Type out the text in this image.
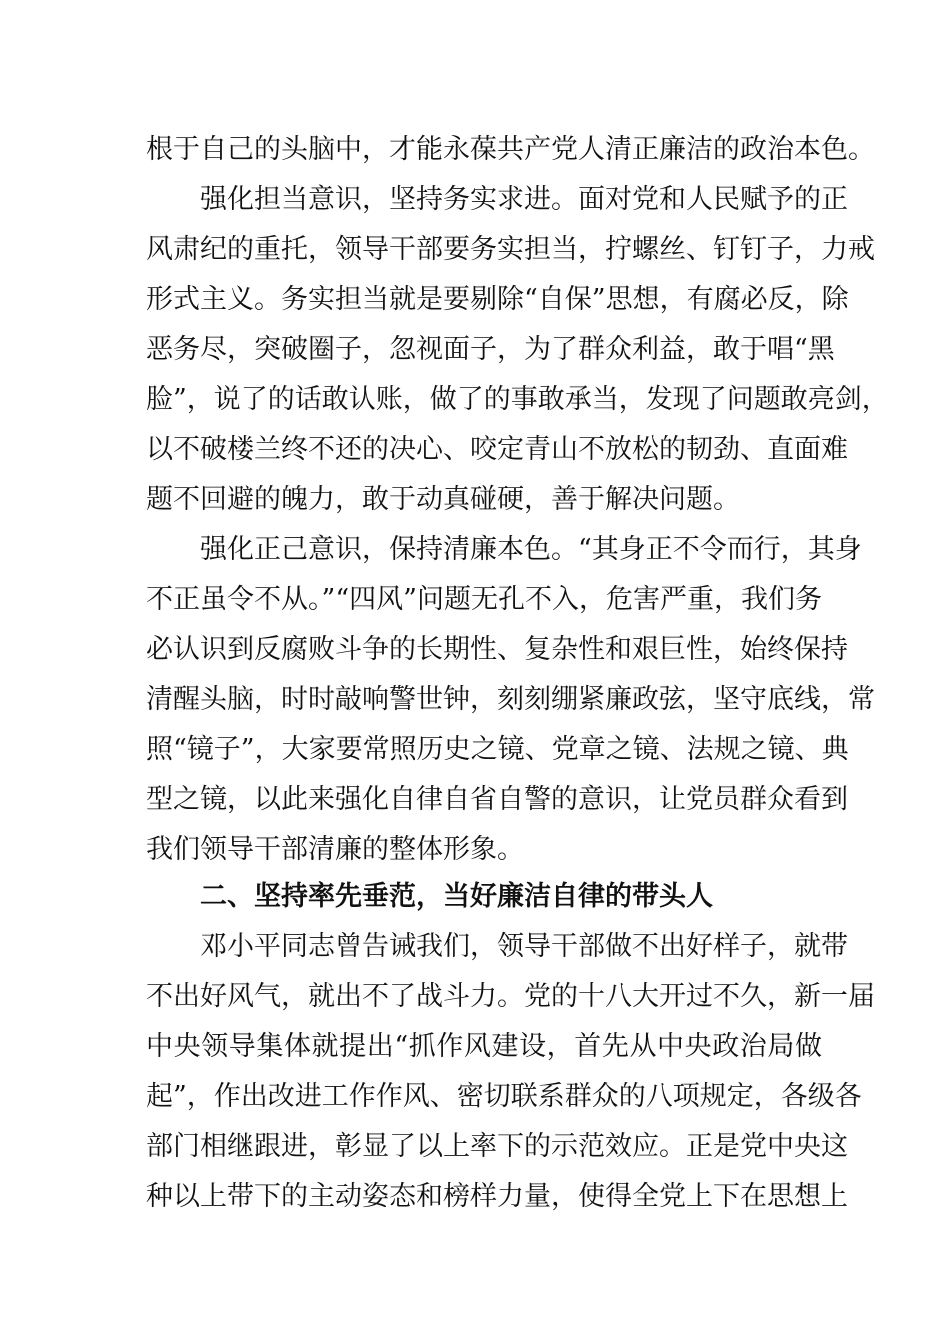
根于自己的头脑中，才能永葆共产党人清正廉洁的政治本色。
强化担当意识，坚持务实求进。面对党和人民赋予的正
风肃纪的重托，领导干部要务实担当，拧螺丝、钉钉子，力戒
形式主义。务实担当就是要剔除“自保”思想，有腐必反，除
恶务尽，突破圈子，忽视面子，为了群众利益，敢于唱“黑
脸”，说了的话敢认账，做了的事敢承当，发现了问题敢亮剑，
以不破楼兰终不还的决心、咬定青山不放松的韧劲、直面难
题不回避的魄力，敢于动真碰硬，善于解决问题。
强化正己意识，保持清廉本色。“其身正不令而行，其身
不正虽令不从。”“四风”问题无孔不入，危害严重，我们务
必认识到反腐败斗争的长期性、复杂性和艰巨性，始终保持
清醒头脑，时时敲响警世钟，刻刻绷紧廉政弦，坚守底线，常
照“镜子”，大家要常照历史之镜、党章之镜、法规之镜、典
型之镜，以此来强化自律自省自警的意识，让党员群众看到
我们领导干部清廉的整体形象。
二、坚持率先垂范，当好廉洁自律的带头人
邓小平同志曾告诫我们，领导干部做不出好样子，就带
不出好风气，就出不了战斗力。党的十八大开过不久，新一届
中央领导集体就提出“抓作风建设，首先从中央政治局做
起”，作出改进工作作风、密切联系群众的八项规定，各级各
部门相继跟进，彰显了以上率下的示范效应。正是党中央这
种以上带下的主动姿态和榜样力量，使得全党上下在思想上
